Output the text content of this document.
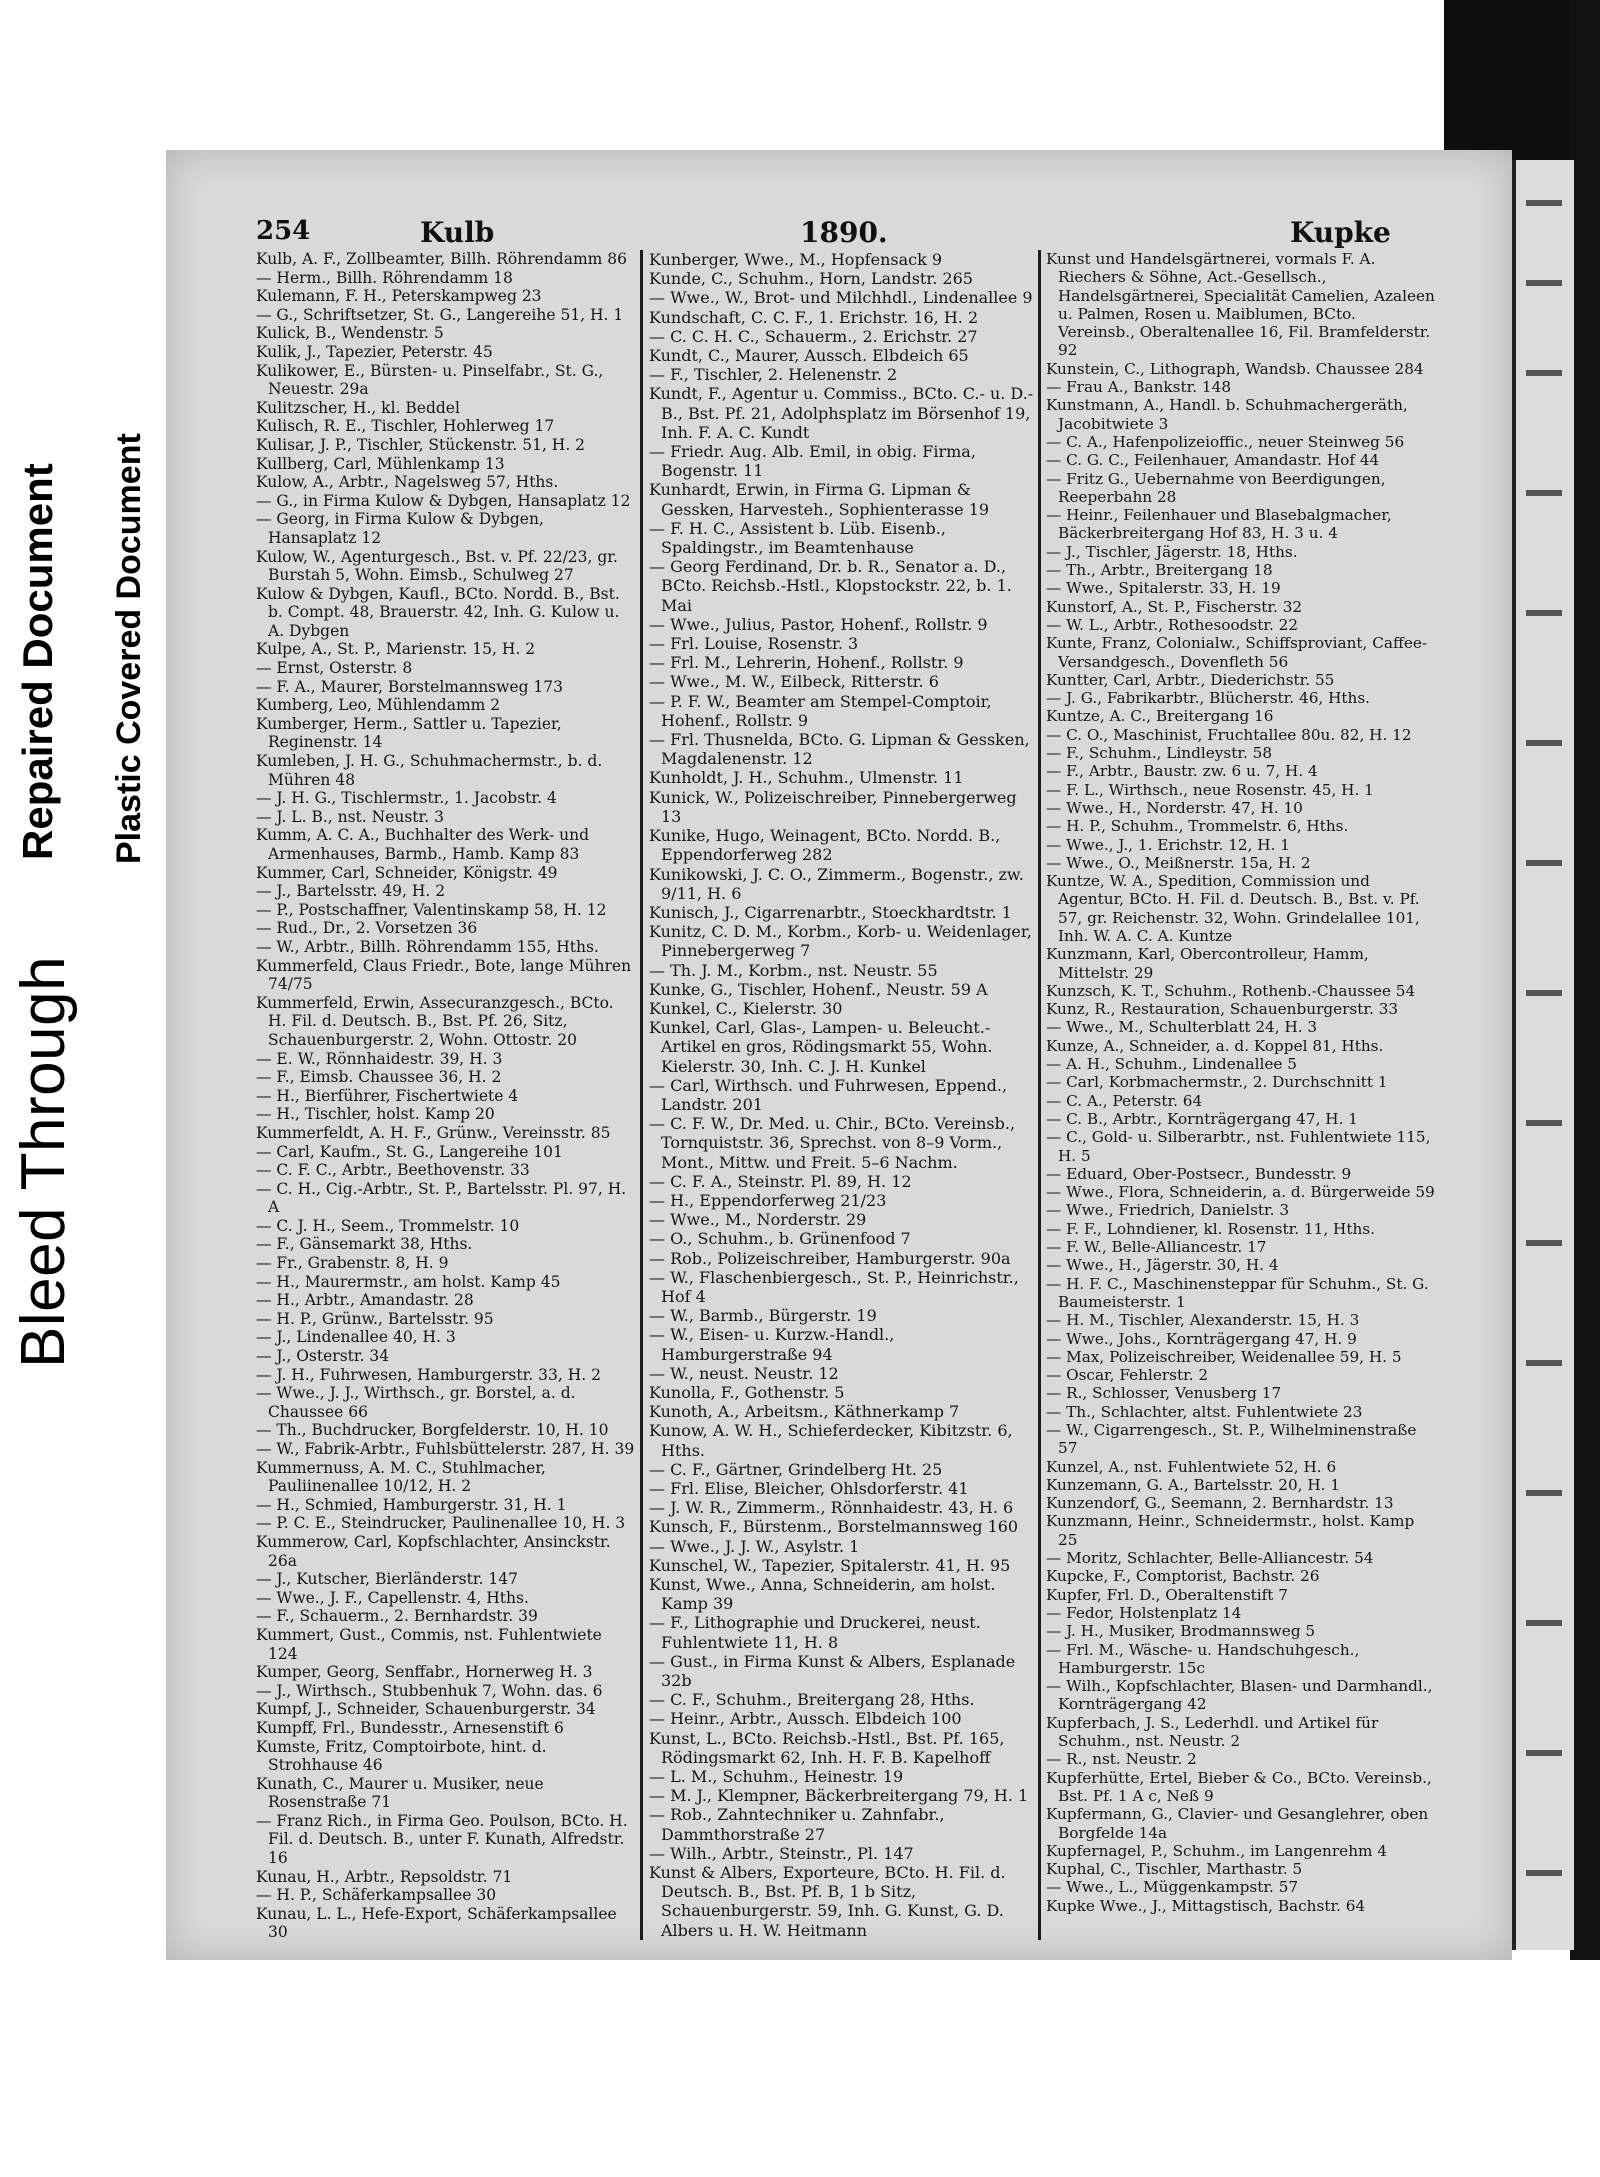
Bleed Through
Repaired Document Plastic Covered Document
254	Kulb	1890.	Kupke

Kulb, A. F., Zollbeamter, Billh. Röhrendamm 86

— Herm., Billh. Röhrendamm 18

Kulemann, F. H., Peterskampweg 23

— G., Schriftsetzer, St. G., Langereihe 51, H. 1

Kulick, B., Wendenstr. 5

Kulik, J., Tapezier, Peterstr. 45

Kulikower, E., Bürsten- u. Pinselfabr., St. G., Neuestr. 29a

Kulitzscher, H., kl. Beddel

Kulisch, R. E., Tischler, Hohlerweg 17

Kulisar, J. P., Tischler, Stückenstr. 51, H. 2

Kullberg, Carl, Mühlenkamp 13

Kulow, A., Arbtr., Nagelsweg 57, Hths.

— G., in Firma Kulow & Dybgen, Hansaplatz 12

— Georg, in Firma Kulow & Dybgen, Hansaplatz 12

Kulow, W., Agenturgesch., Bst. v. Pf. 22/23, gr. Burstah 5, Wohn. Eimsb., Schulweg 27

Kulow & Dybgen, Kaufl., BCto. Nordd. B., Bst. b. Compt. 48, Brauerstr. 42, Inh. G. Kulow u. A. Dybgen

Kulpe, A., St. P., Marienstr. 15, H. 2

— Ernst, Osterstr. 8

— F. A., Maurer, Borstelmannsweg 173

Kumberg, Leo, Mühlendamm 2

Kumberger, Herm., Sattler u. Tapezier, Reginenstr. 14

Kumleben, J. H. G., Schuhmachermstr., b. d. Mühren 48

— J. H. G., Tischlermstr., 1. Jacobstr. 4

— J. L. B., nst. Neustr. 3

Kumm, A. C. A., Buchhalter des Werk- und Armenhauses, Barmb., Hamb. Kamp 83

Kummer, Carl, Schneider, Königstr. 49

— J., Bartelsstr. 49, H. 2

— P., Postschaffner, Valentinskamp 58, H. 12

— Rud., Dr., 2. Vorsetzen 36

— W., Arbtr., Billh. Röhrendamm 155, Hths.

Kummerfeld, Claus Friedr., Bote, lange Mühren 74/75

Kummerfeld, Erwin, Assecuranzgesch., BCto. H. Fil. d. Deutsch. B., Bst. Pf. 26, Sitz, Schauenburgerstr. 2, Wohn. Ottostr. 20

— E. W., Rönnhaidestr. 39, H. 3

— F., Eimsb. Chaussee 36, H. 2

— H., Bierführer, Fischertwiete 4

— H., Tischler, holst. Kamp 20

Kummerfeldt, A. H. F., Grünw., Vereinsstr. 85

— Carl, Kaufm., St. G., Langereihe 101

— C. F. C., Arbtr., Beethovenstr. 33

— C. H., Cig.-Arbtr., St. P., Bartelsstr. Pl. 97, H. A

— C. J. H., Seem., Trommelstr. 10

— F., Gänsemarkt 38, Hths.

— Fr., Grabenstr. 8, H. 9

— H., Maurermstr., am holst. Kamp 45

— H., Arbtr., Amandastr. 28

— H. P., Grünw., Bartelsstr. 95

— J., Lindenallee 40, H. 3

— J., Osterstr. 34

— J. H., Fuhrwesen, Hamburgerstr. 33, H. 2

— Wwe., J. J., Wirthsch., gr. Borstel, a. d. Chaussee 66

— Th., Buchdrucker, Borgfelderstr. 10, H. 10

— W., Fabrik-Arbtr., Fuhlsbüttelerstr. 287, H. 39

Kummernuss, A. M. C., Stuhlmacher, Pauliinenallee 10/12, H. 2

— H., Schmied, Hamburgerstr. 31, H. 1

— P. C. E., Steindrucker, Paulinenallee 10, H. 3

Kummerow, Carl, Kopfschlachter, Ansinckstr. 26a

— J., Kutscher, Bierländerstr. 147

— Wwe., J. F., Capellenstr. 4, Hths.

— F., Schauerm., 2. Bernhardstr. 39

Kummert, Gust., Commis, nst. Fuhlentwiete 124

Kumper, Georg, Senffabr., Hornerweg H. 3

— J., Wirthsch., Stubbenhuk 7, Wohn. das. 6

Kumpf, J., Schneider, Schauenburgerstr. 34

Kumpff, Frl., Bundesstr., Arnesenstift 6

Kumste, Fritz, Comptoirbote, hint. d. Strohhause 46

Kunath, C., Maurer u. Musiker, neue Rosenstraße 71

— Franz Rich., in Firma Geo. Poulson, BCto. H. Fil. d. Deutsch. B., unter F. Kunath, Alfredstr. 16

Kunau, H., Arbtr., Repsoldstr. 71

— H. P., Schäferkampsallee 30

Kunau, L. L., Hefe-Export, Schäferkampsallee 30

Kunberger, Wwe., M., Hopfensack 9

Kunde, C., Schuhm., Horn, Landstr. 265

— Wwe., W., Brot- und Milchhdl., Lindenallee 9

Kundschaft, C. C. F., 1. Erichstr. 16, H. 2

— C. C. H. C., Schauerm., 2. Erichstr. 27

Kundt, C., Maurer, Aussch. Elbdeich 65

— F., Tischler, 2. Helenenstr. 2

Kundt, F., Agentur u. Commiss., BCto. C.- u. D.-B., Bst. Pf. 21, Adolphsplatz im Börsenhof 19, Inh. F. A. C. Kundt

— Friedr. Aug. Alb. Emil, in obig. Firma, Bogenstr. 11

Kunhardt, Erwin, in Firma G. Lipman & Gessken, Harvesteh., Sophienterasse 19

— F. H. C., Assistent b. Lüb. Eisenb., Spaldingstr., im Beamtenhause

— Georg Ferdinand, Dr. b. R., Senator a. D., BCto. Reichsb.-Hstl., Klopstockstr. 22, b. 1. Mai

— Wwe., Julius, Pastor, Hohenf., Rollstr. 9

— Frl. Louise, Rosenstr. 3

— Frl. M., Lehrerin, Hohenf., Rollstr. 9

— Wwe., M. W., Eilbeck, Ritterstr. 6

— P. F. W., Beamter am Stempel-Comptoir, Hohenf., Rollstr. 9

— Frl. Thusnelda, BCto. G. Lipman & Gessken, Magdalenenstr. 12

Kunholdt, J. H., Schuhm., Ulmenstr. 11

Kunick, W., Polizeischreiber, Pinnebergerweg 13

Kunike, Hugo, Weinagent, BCto. Nordd. B., Eppendorferweg 282

Kunikowski, J. C. O., Zimmerm., Bogenstr., zw. 9/11, H. 6

Kunisch, J., Cigarrenarbtr., Stoeckhardtstr. 1

Kunitz, C. D. M., Korbm., Korb- u. Weidenlager, Pinnebergerweg 7

— Th. J. M., Korbm., nst. Neustr. 55

Kunke, G., Tischler, Hohenf., Neustr. 59 A

Kunkel, C., Kielerstr. 30

Kunkel, Carl, Glas-, Lampen- u. Beleucht.-Artikel en gros, Rödingsmarkt 55, Wohn. Kielerstr. 30, Inh. C. J. H. Kunkel

— Carl, Wirthsch. und Fuhrwesen, Eppend., Landstr. 201

— C. F. W., Dr. Med. u. Chir., BCto. Vereinsb., Tornquiststr. 36, Sprechst. von 8–9 Vorm., Mont., Mittw. und Freit. 5–6 Nachm.

— C. F. A., Steinstr. Pl. 89, H. 12

— H., Eppendorferweg 21/23

— Wwe., M., Norderstr. 29

— O., Schuhm., b. Grünenfood 7

— Rob., Polizeischreiber, Hamburgerstr. 90a

— W., Flaschenbiergesch., St. P., Heinrichstr., Hof 4

— W., Barmb., Bürgerstr. 19

— W., Eisen- u. Kurzw.-Handl., Hamburgerstraße 94

— W., neust. Neustr. 12

Kunolla, F., Gothenstr. 5

Kunoth, A., Arbeitsm., Käthnerkamp 7

Kunow, A. W. H., Schieferdecker, Kibitzstr. 6, Hths.

— C. F., Gärtner, Grindelberg Ht. 25

— Frl. Elise, Bleicher, Ohlsdorferstr. 41

— J. W. R., Zimmerm., Rönnhaidestr. 43, H. 6

Kunsch, F., Bürstenm., Borstelmannsweg 160

— Wwe., J. J. W., Asylstr. 1

Kunschel, W., Tapezier, Spitalerstr. 41, H. 95

Kunst, Wwe., Anna, Schneiderin, am holst. Kamp 39

— F., Lithographie und Druckerei, neust. Fuhlentwiete 11, H. 8

— Gust., in Firma Kunst & Albers, Esplanade 32b

— C. F., Schuhm., Breitergang 28, Hths.

— Heinr., Arbtr., Aussch. Elbdeich 100

Kunst, L., BCto. Reichsb.-Hstl., Bst. Pf. 165, Rödingsmarkt 62, Inh. H. F. B. Kapelhoff

— L. M., Schuhm., Heinestr. 19

— M. J., Klempner, Bäckerbreitergang 79, H. 1

— Rob., Zahntechniker u. Zahnfabr., Dammthorstraße 27

— Wilh., Arbtr., Steinstr., Pl. 147

Kunst & Albers, Exporteure, BCto. H. Fil. d. Deutsch. B., Bst. Pf. B, 1 b Sitz, Schauenburgerstr. 59, Inh. G. Kunst, G. D. Albers u. H. W. Heitmann

Kunst und Handelsgärtnerei, vormals F. A. Riechers & Söhne, Act.-Gesellsch., Handelsgärtnerei, Specialität Camelien, Azaleen u. Palmen, Rosen u. Maiblumen, BCto. Vereinsb., Oberaltenallee 16, Fil. Bramfelderstr. 92

Kunstein, C., Lithograph, Wandsb. Chaussee 284

— Frau A., Bankstr. 148

Kunstmann, A., Handl. b. Schuhmachergeräth, Jacobitwiete 3

— C. A., Hafenpolizeioffic., neuer Steinweg 56

— C. G. C., Feilenhauer, Amandastr. Hof 44

— Fritz G., Uebernahme von Beerdigungen, Reeperbahn 28

— Heinr., Feilenhauer und Blasebalgmacher, Bäckerbreitergang Hof 83, H. 3 u. 4

— J., Tischler, Jägerstr. 18, Hths.

— Th., Arbtr., Breitergang 18

— Wwe., Spitalerstr. 33, H. 19

Kunstorf, A., St. P., Fischerstr. 32

— W. L., Arbtr., Rothesoodstr. 22

Kunte, Franz, Colonialw., Schiffsproviant, Caffee-Versandgesch., Dovenfleth 56

Kuntter, Carl, Arbtr., Diederichstr. 55

— J. G., Fabrikarbtr., Blücherstr. 46, Hths.

Kuntze, A. C., Breitergang 16

— C. O., Maschinist, Fruchtallee 80u. 82, H. 12

— F., Schuhm., Lindleystr. 58

— F., Arbtr., Baustr. zw. 6 u. 7, H. 4

— F. L., Wirthsch., neue Rosenstr. 45, H. 1

— Wwe., H., Norderstr. 47, H. 10

— H. P., Schuhm., Trommelstr. 6, Hths.

— Wwe., J., 1. Erichstr. 12, H. 1

— Wwe., O., Meißnerstr. 15a, H. 2

Kuntze, W. A., Spedition, Commission und Agentur, BCto. H. Fil. d. Deutsch. B., Bst. v. Pf. 57, gr. Reichenstr. 32, Wohn. Grindelallee 101, Inh. W. A. C. A. Kuntze

Kunzmann, Karl, Obercontrolleur, Hamm, Mittelstr. 29

Kunzsch, K. T., Schuhm., Rothenb.-Chaussee 54

Kunz, R., Restauration, Schauenburgerstr. 33

— Wwe., M., Schulterblatt 24, H. 3

Kunze, A., Schneider, a. d. Koppel 81, Hths.

— A. H., Schuhm., Lindenallee 5

— Carl, Korbmachermstr., 2. Durchschnitt 1

— C. A., Peterstr. 64

— C. B., Arbtr., Kornträgergang 47, H. 1

— C., Gold- u. Silberarbtr., nst. Fuhlentwiete 115, H. 5

— Eduard, Ober-Postsecr., Bundesstr. 9

— Wwe., Flora, Schneiderin, a. d. Bürgerweide 59

— Wwe., Friedrich, Danielstr. 3

— F. F., Lohndiener, kl. Rosenstr. 11, Hths.

— F. W., Belle-Alliancestr. 17

— Wwe., H., Jägerstr. 30, H. 4

— H. F. C., Maschinensteppar für Schuhm., St. G. Baumeisterstr. 1

— H. M., Tischler, Alexanderstr. 15, H. 3

— Wwe., Johs., Kornträgergang 47, H. 9

— Max, Polizeischreiber, Weidenallee 59, H. 5

— Oscar, Fehlerstr. 2

— R., Schlosser, Venusberg 17

— Th., Schlachter, altst. Fuhlentwiete 23

— W., Cigarrengesch., St. P., Wilhelminenstraße 57

Kunzel, A., nst. Fuhlentwiete 52, H. 6

Kunzemann, G. A., Bartelsstr. 20, H. 1

Kunzendorf, G., Seemann, 2. Bernhardstr. 13

Kunzmann, Heinr., Schneidermstr., holst. Kamp 25

— Moritz, Schlachter, Belle-Alliancestr. 54

Kupcke, F., Comptorist, Bachstr. 26

Kupfer, Frl. D., Oberaltenstift 7

— Fedor, Holstenplatz 14

— J. H., Musiker, Brodmannsweg 5

— Frl. M., Wäsche- u. Handschuhgesch., Hamburgerstr. 15c

— Wilh., Kopfschlachter, Blasen- und Darmhandl., Kornträgergang 42

Kupferbach, J. S., Lederhdl. und Artikel für Schuhm., nst. Neustr. 2

— R., nst. Neustr. 2

Kupferhütte, Ertel, Bieber & Co., BCto. Vereinsb., Bst. Pf. 1 A c, Neß 9

Kupfermann, G., Clavier- und Gesanglehrer, oben Borgfelde 14a

Kupfernagel, P., Schuhm., im Langenrehm 4

Kuphal, C., Tischler, Marthastr. 5

— Wwe., L., Müggenkampstr. 57

Kupke Wwe., J., Mittagstisch, Bachstr. 64
